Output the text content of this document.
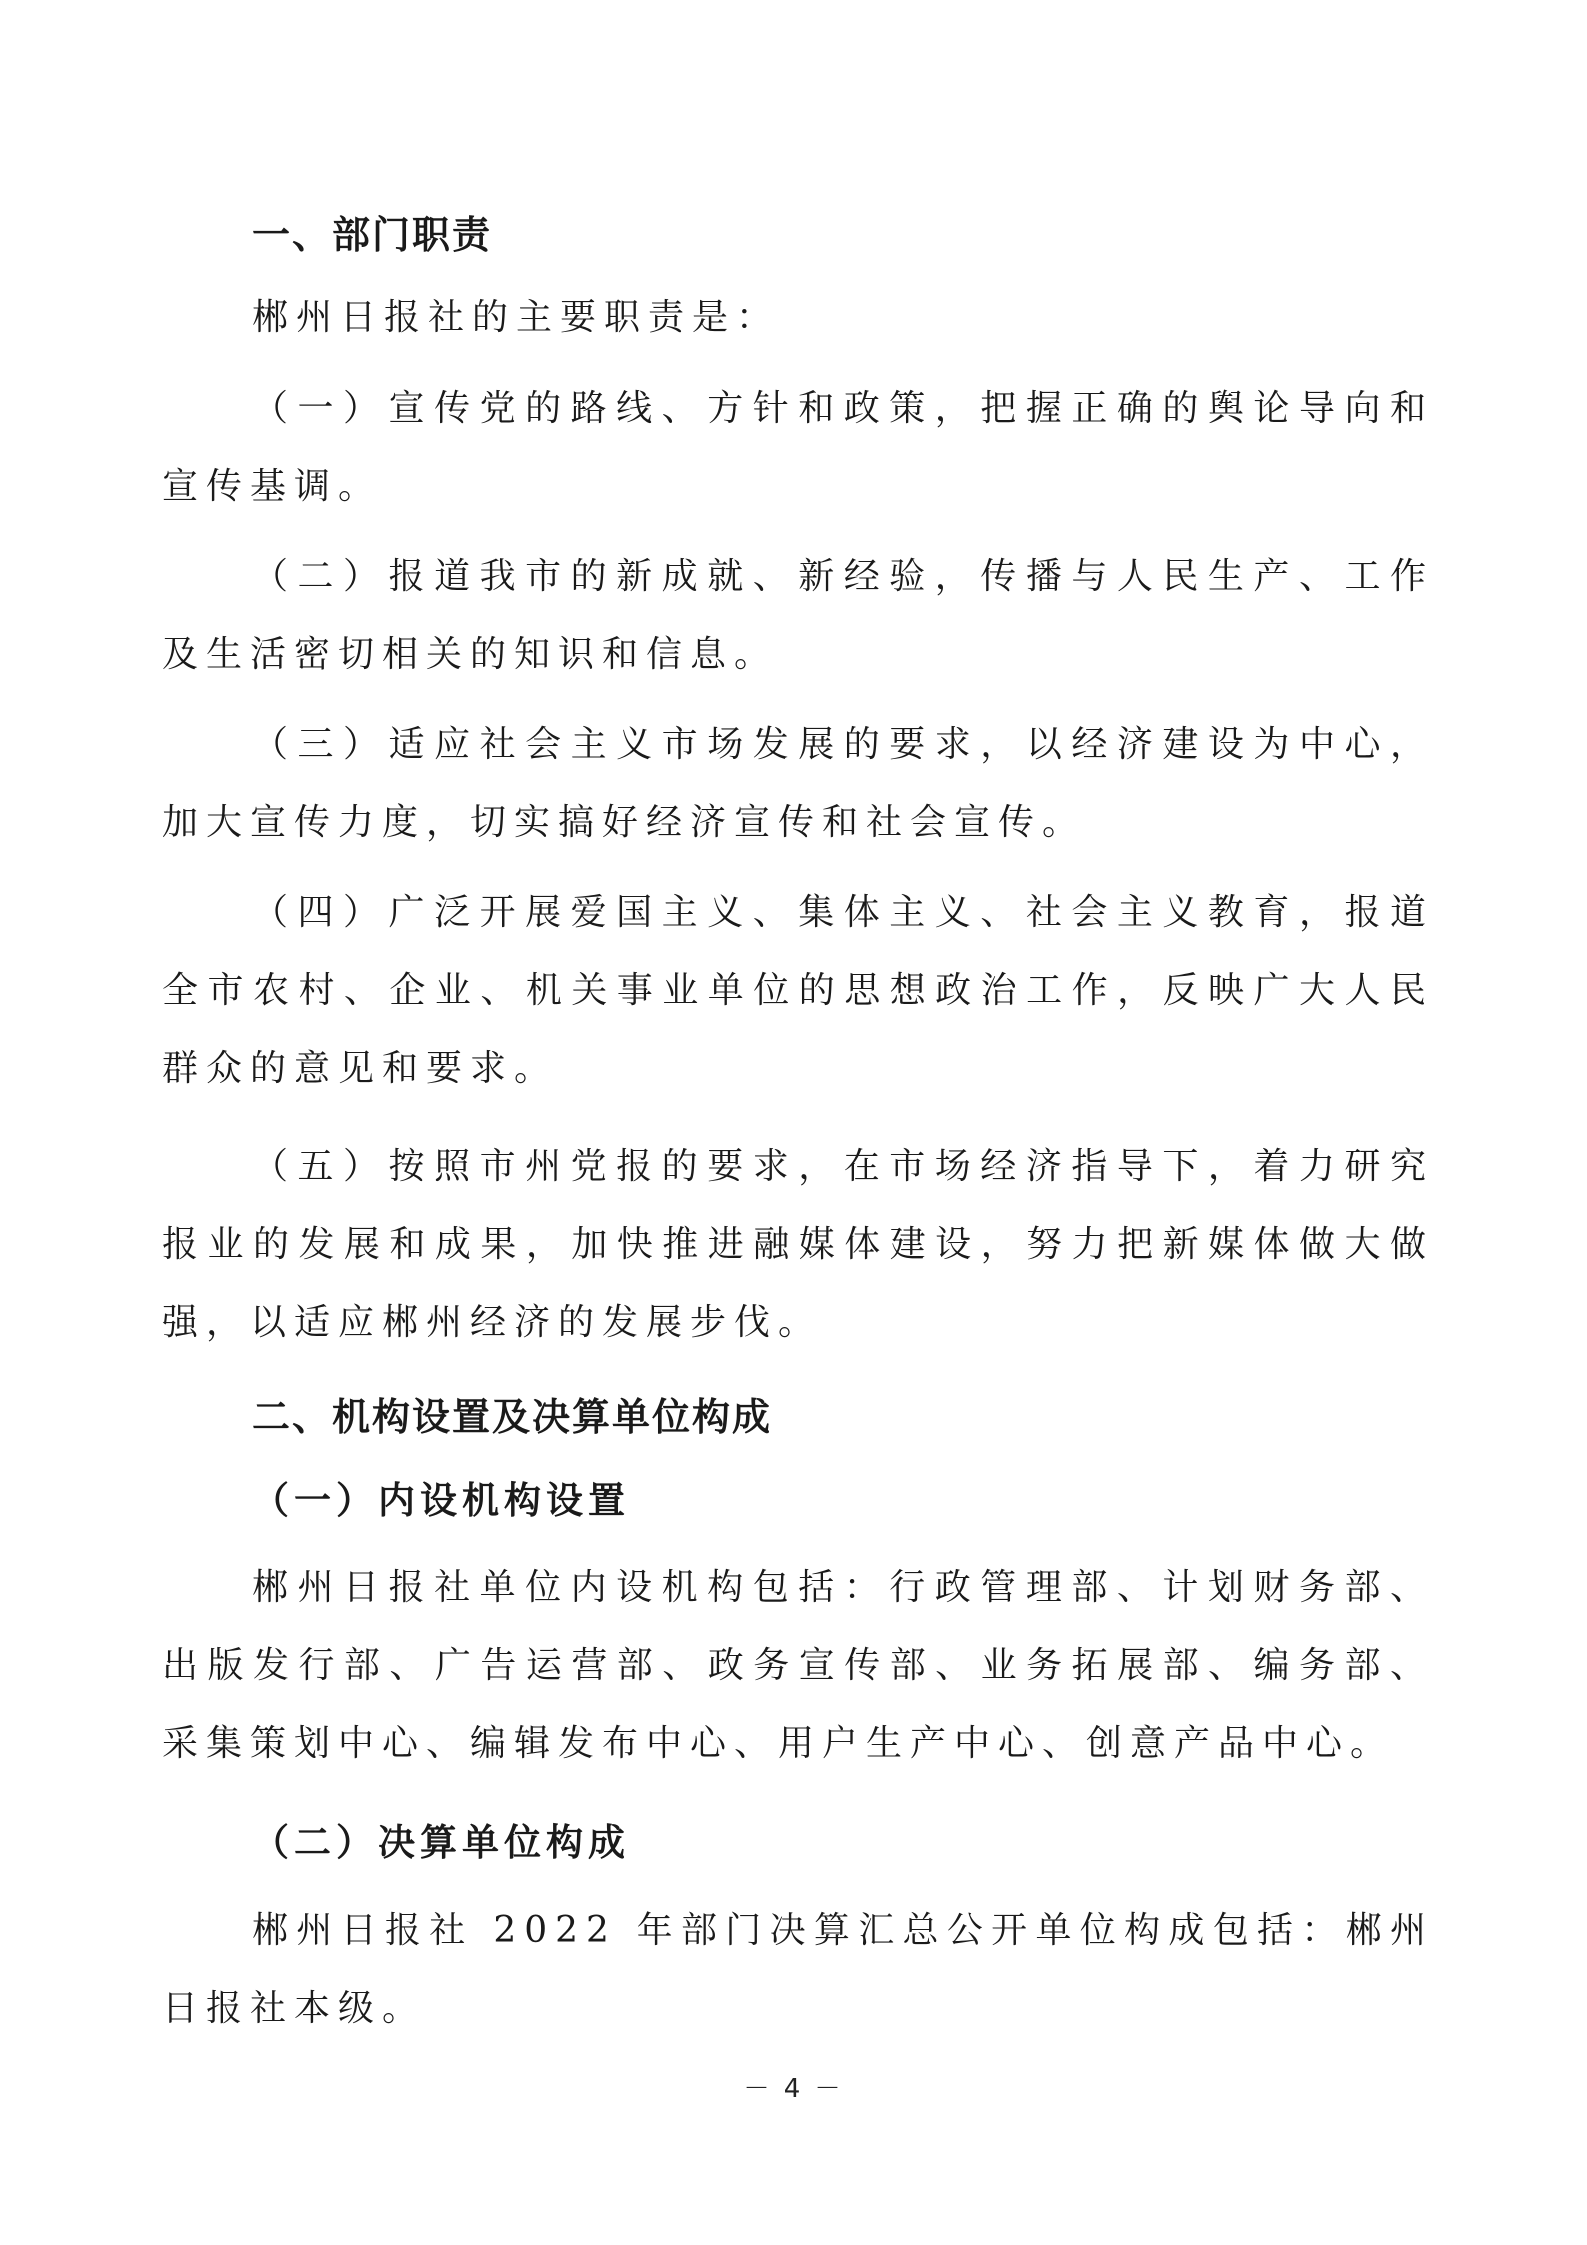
一、部门职责

郴州日报社的主要职责是：

（一）宣传党的路线、方针和政策，把握正确的舆论导向和宣传基调。

（二）报道我市的新成就、新经验，传播与人民生产、工作及生活密切相关的知识和信息。

（三）适应社会主义市场发展的要求，以经济建设为中心，加大宣传力度，切实搞好经济宣传和社会宣传。

（四）广泛开展爱国主义、集体主义、社会主义教育，报道全市农村、企业、机关事业单位的思想政治工作，反映广大人民群众的意见和要求。

（五）按照市州党报的要求，在市场经济指导下，着力研究报业的发展和成果，加快推进融媒体建设，努力把新媒体做大做强，以适应郴州经济的发展步伐。

二、机构设置及决算单位构成

（一）内设机构设置

郴州日报社单位内设机构包括：行政管理部、计划财务部、出版发行部、广告运营部、政务宣传部、业务拓展部、编务部、采集策划中心、编辑发布中心、用户生产中心、创意产品中心。

（二）决算单位构成

郴州日报社 2022 年部门决算汇总公开单位构成包括：郴州日报社本级。

－ 4 －
